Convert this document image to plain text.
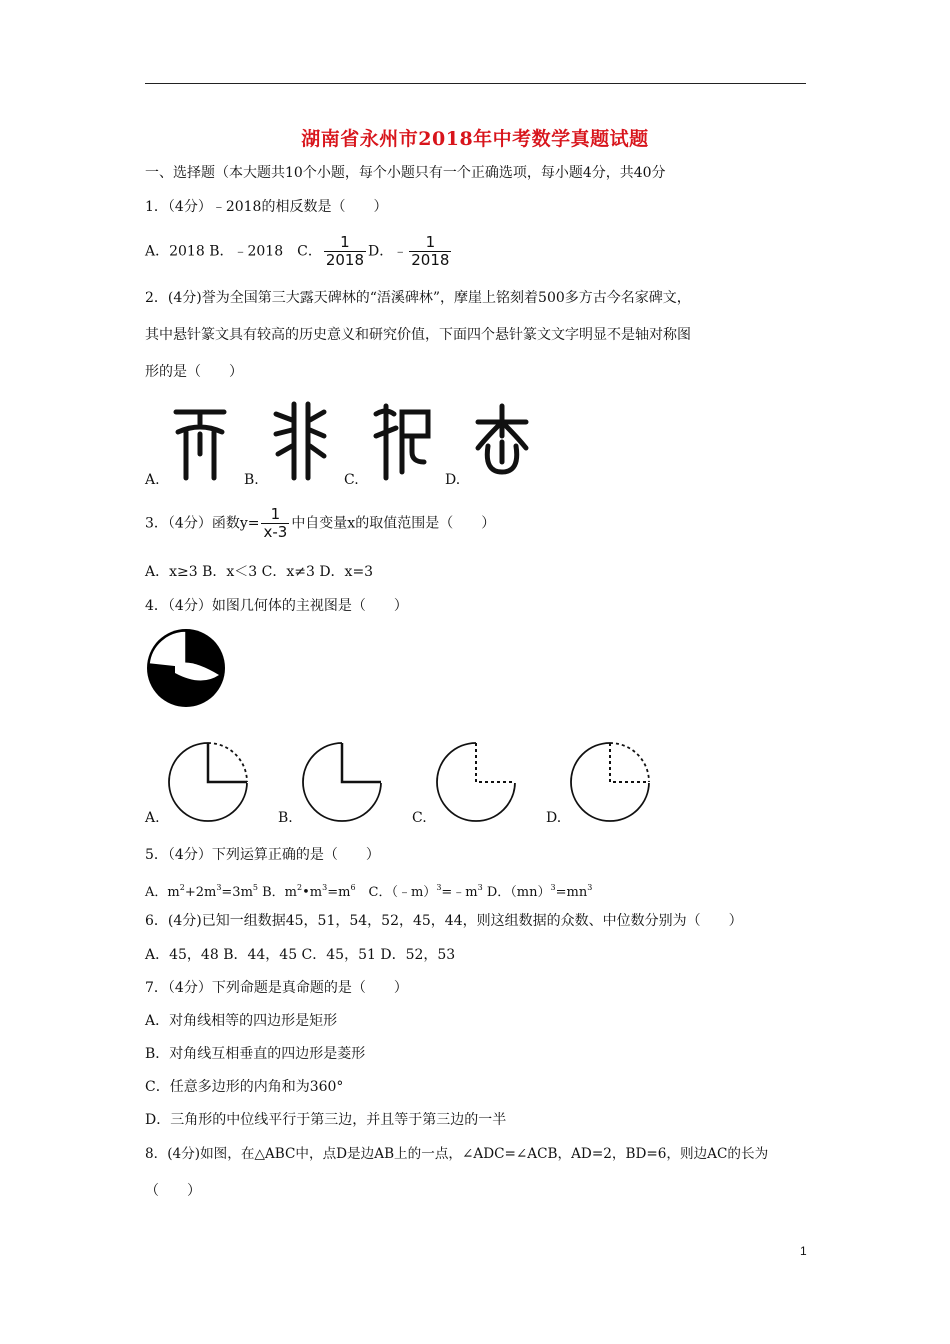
湖南省永州市2018年中考数学真题试题
一、选择题（本大题共10个小题，每个小题只有一个正确选项，每小题4分，共40分
1．（4分）﹣2018的相反数是（　　）
A．2018 B．﹣2018　C． $\frac{1}{2018}$ D．﹣ $\frac{1}{2018}$
2．(4分)誉为全国第三大露天碑林的“浯溪碑林”，摩崖上铭刻着500多方古今名家碑文，
其中悬针篆文具有较高的历史意义和研究价值，下面四个悬针篆文文字明显不是轴对称图
形的是（　　）
A.	B.	C.	D.
3．（4分）函数$y= \frac{1}{x-3}$ 中自变量x的取值范围是（　　）
A．x≥3 B．x＜3 C．x≠3 D．x=3
4．（4分）如图几何体的主视图是（　　）
A.	B.	C.	D.
5．（4分）下列运算正确的是（　　）
A．$m^2+2m^3=3m^5$ B．$m^2•m^3=m^6$　C．$(﹣m)^3=﹣m^3$ D．$(mn)^3=mn^3$
6．(4分)已知一组数据45，51，54，52，45，44，则这组数据的众数、中位数分别为（　　）
A．45，48 B．44，45 C．45，51 D．52，53
7．（4分）下列命题是真命题的是（　　）
A．对角线相等的四边形是矩形
B．对角线互相垂直的四边形是菱形
C．任意多边形的内角和为360°
D．三角形的中位线平行于第三边，并且等于第三边的一半
8．(4分)如图，在△ABC中，点D是边AB上的一点，∠ADC=∠ACB，AD=2，BD=6，则边AC的长为
（　　）
1
